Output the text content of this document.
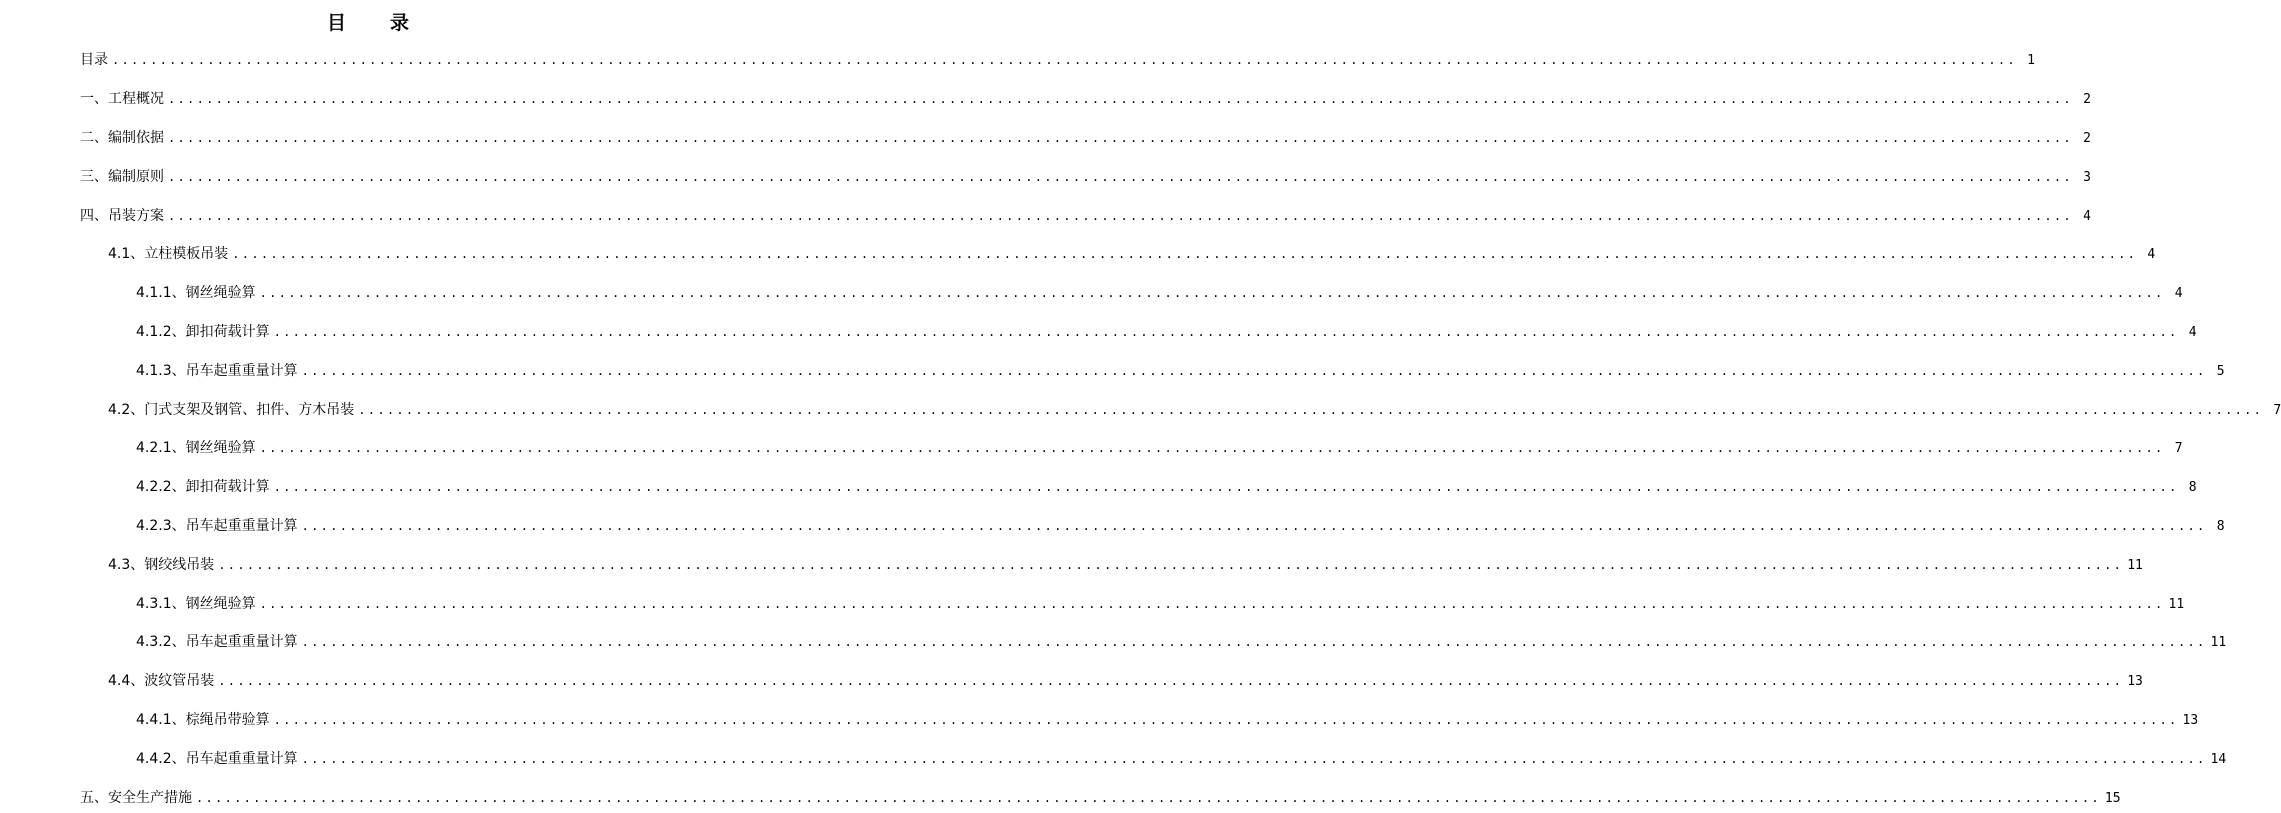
目 录
目录 ........................................................................................................................................................................................................ 1
一、工程概况 ........................................................................................................................................................................................................ 2
二、编制依据 ........................................................................................................................................................................................................ 2
三、编制原则 ........................................................................................................................................................................................................ 3
四、吊装方案 ........................................................................................................................................................................................................ 4
4.1、立柱模板吊装 ........................................................................................................................................................................................................ 4
4.1.1、钢丝绳验算 ........................................................................................................................................................................................................ 4
4.1.2、卸扣荷载计算 ........................................................................................................................................................................................................ 4
4.1.3、吊车起重重量计算 ........................................................................................................................................................................................................ 5
4.2、门式支架及钢管、扣件、方木吊装 ........................................................................................................................................................................................................ 7
4.2.1、钢丝绳验算 ........................................................................................................................................................................................................ 7
4.2.2、卸扣荷载计算 ........................................................................................................................................................................................................ 8
4.2.3、吊车起重重量计算 ........................................................................................................................................................................................................ 8
4.3、钢绞线吊装 ........................................................................................................................................................................................................ 11
4.3.1、钢丝绳验算 ........................................................................................................................................................................................................ 11
4.3.2、吊车起重重量计算 ........................................................................................................................................................................................................ 11
4.4、波纹管吊装 ........................................................................................................................................................................................................ 13
4.4.1、棕绳吊带验算 ........................................................................................................................................................................................................ 13
4.4.2、吊车起重重量计算 ........................................................................................................................................................................................................ 14
五、安全生产措施 ........................................................................................................................................................................................................ 15
